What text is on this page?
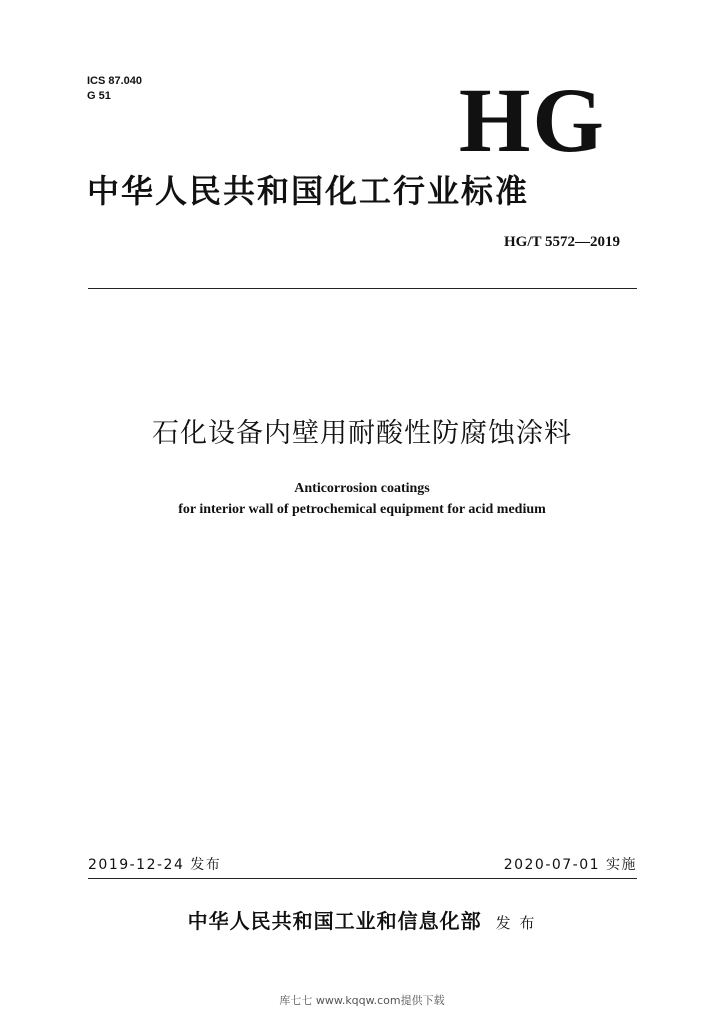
ICS 87.040
G 51	HG
中华人民共和国化工行业标准
HG/T 5572—2019
石化设备内壁用耐酸性防腐蚀涂料
Anticorrosion coatings
for interior wall of petrochemical equipment for acid medium
2019-12-24 发布	2020-07-01 实施
中华人民共和国工业和信息化部 发 布
库七七 www.kqqw.com提供下载
